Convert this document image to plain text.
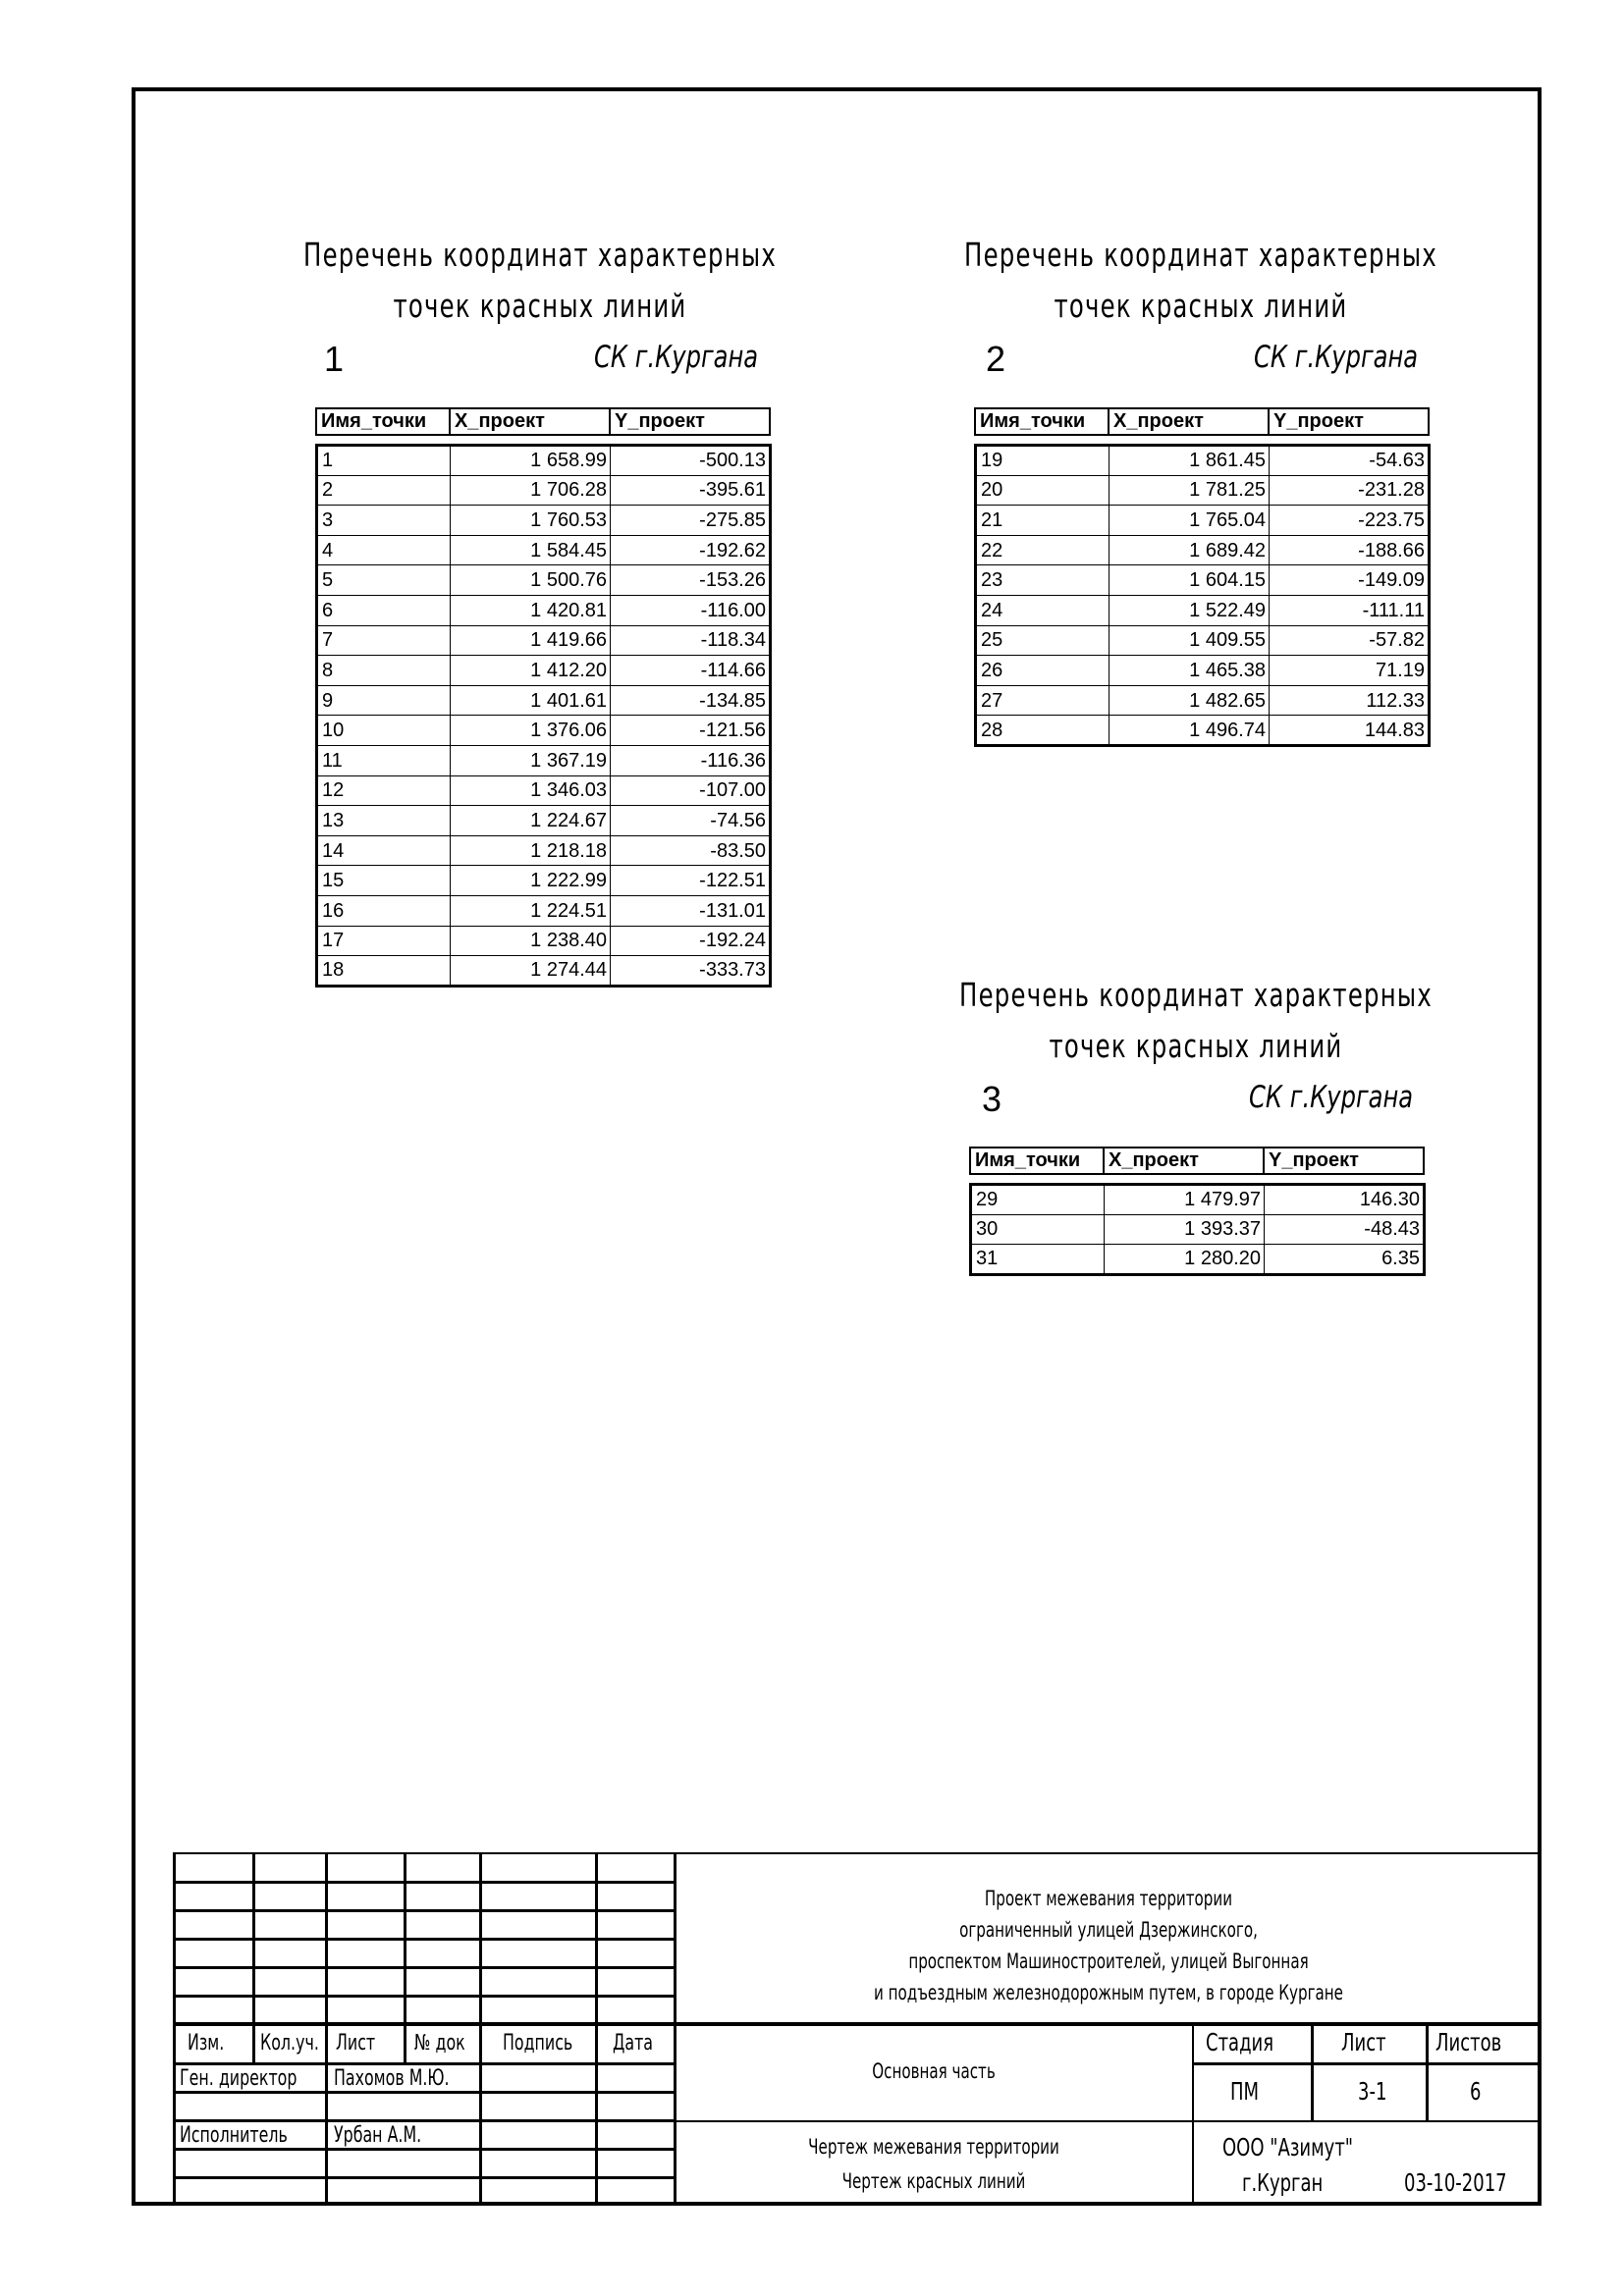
Перечень координат характерных
точек красных линий
1	СК г.Кургана
Имя_точки	X_проект	Y_проект
1	1 658.99	-500.13
2	1 706.28	-395.61
3	1 760.53	-275.85
4	1 584.45	-192.62
5	1 500.76	-153.26
6	1 420.81	-116.00
7	1 419.66	-118.34
8	1 412.20	-114.66
9	1 401.61	-134.85
10	1 376.06	-121.56
11	1 367.19	-116.36
12	1 346.03	-107.00
13	1 224.67	-74.56
14	1 218.18	-83.50
15	1 222.99	-122.51
16	1 224.51	-131.01
17	1 238.40	-192.24
18	1 274.44	-333.73
Перечень координат характерных
точек красных линий
2	СК г.Кургана
Имя_точки	X_проект	Y_проект
19	1 861.45	-54.63
20	1 781.25	-231.28
21	1 765.04	-223.75
22	1 689.42	-188.66
23	1 604.15	-149.09
24	1 522.49	-111.11
25	1 409.55	-57.82
26	1 465.38	71.19
27	1 482.65	112.33
28	1 496.74	144.83
Перечень координат характерных
точек красных линий
3	СК г.Кургана
Имя_точки	X_проект	Y_проект
29	1 479.97	146.30
30	1 393.37	-48.43
31	1 280.20	6.35
Изм. Кол.уч. Лист № док Подпись Дата
Ген. директор Пахомов М.Ю.
Исполнитель Урбан А.М.
Проект межевания территории
ограниченный улицей Дзержинского,
проспектом Машиностроителей, улицей Выгонная
и подъездным железнодорожным путем, в городе Кургане
Основная часть
Чертеж межевания территории
Чертеж красных линий
Стадия	Лист Листов
ПМ	3-1	6
ООО "Азимут"
г.Курган	03-10-2017
